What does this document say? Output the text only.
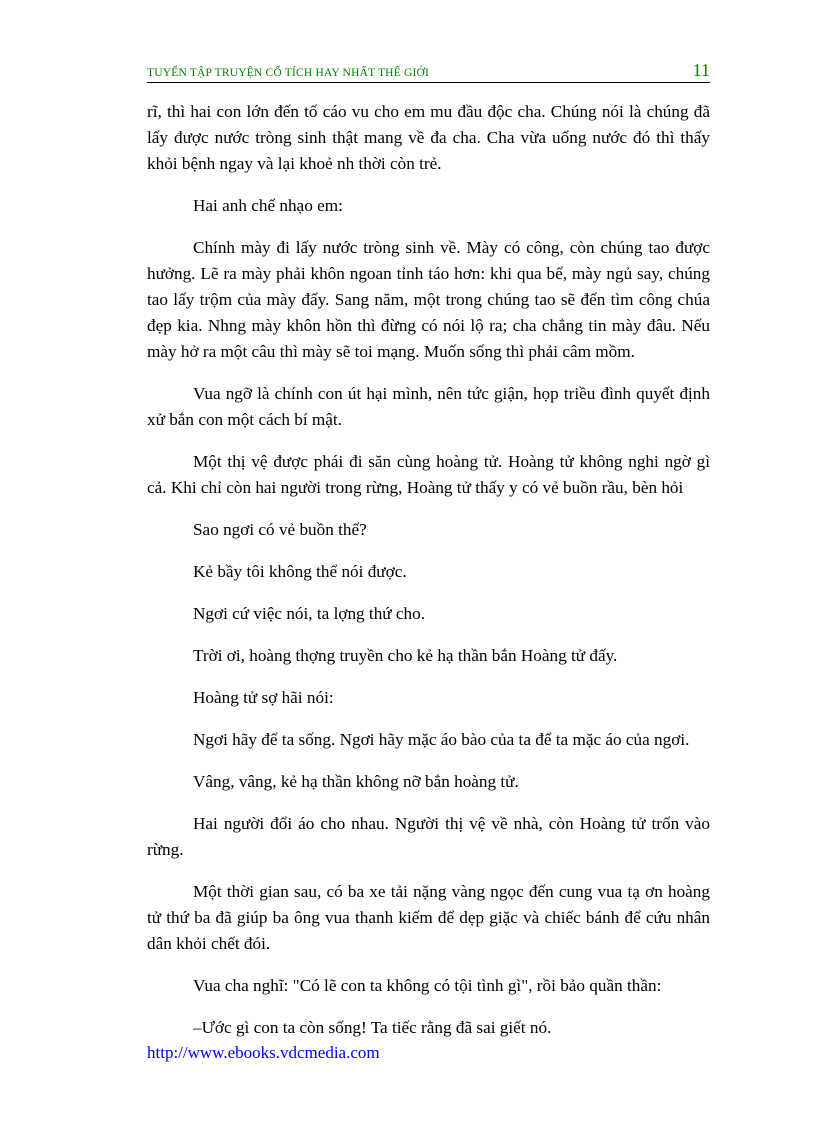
TUYỂN TẬP TRUYỆN CỔ TÍCH HAY NHẤT THẾ GIỚI	11

rĩ, thì hai con lớn đến tố cáo vu cho em mu đầu độc cha. Chúng nói là chúng đã lấy được nước tròng sinh thật mang về đa cha. Cha vừa uống nước đó thì thấy khỏi bệnh ngay và lại khoẻ nh thời còn trẻ.

Hai anh chế nhạo em:

Chính mày đi lấy nước tròng sinh về. Mày có công, còn chúng tao được hưởng. Lẽ ra mày phải khôn ngoan tỉnh táo hơn: khi qua bể, mày ngủ say, chúng tao lấy trộm của mày đấy. Sang năm, một trong chúng tao sẽ đến tìm công chúa đẹp kia. Nhng mày khôn hồn thì đừng có nói lộ ra; cha chẳng tin mày đâu. Nếu mày hở ra một câu thì mày sẽ toi mạng. Muốn sống thì phải câm mồm.

Vua ngỡ là chính con út hại mình, nên tức giận, họp triều đình quyết định xử bắn con một cách bí mật.

Một thị vệ được phái đi săn cùng hoàng tử. Hoàng tử không nghi ngờ gì cả. Khi chỉ còn hai người trong rừng, Hoàng tử thấy y có vẻ buồn rầu, bèn hỏi

Sao ngơi có vẻ buồn thế?

Kẻ bầy tôi không thể nói được.

Ngơi cứ việc nói, ta lợng thứ cho.

Trời ơi, hoàng thợng truyền cho kẻ hạ thần bắn Hoàng tử đấy.

Hoàng tử sợ hãi nói:

Ngơi hãy để ta sống. Ngơi hãy mặc áo bào của ta để ta mặc áo của ngơi.

Vâng, vâng, kẻ hạ thần không nỡ bắn hoàng tử.

Hai người đổi áo cho nhau. Người thị vệ về nhà, còn Hoàng tử trốn vào rừng.

Một thời gian sau, có ba xe tải nặng vàng ngọc đến cung vua tạ ơn hoàng tử thứ ba đã giúp ba ông vua thanh kiếm để dẹp giặc và chiếc bánh để cứu nhân dân khỏi chết đói.

Vua cha nghĩ: "Có lẽ con ta không có tội tình gì", rồi bảo quần thần:

–Ước gì con ta còn sống! Ta tiếc rằng đã sai giết nó.

http://www.ebooks.vdcmedia.com
